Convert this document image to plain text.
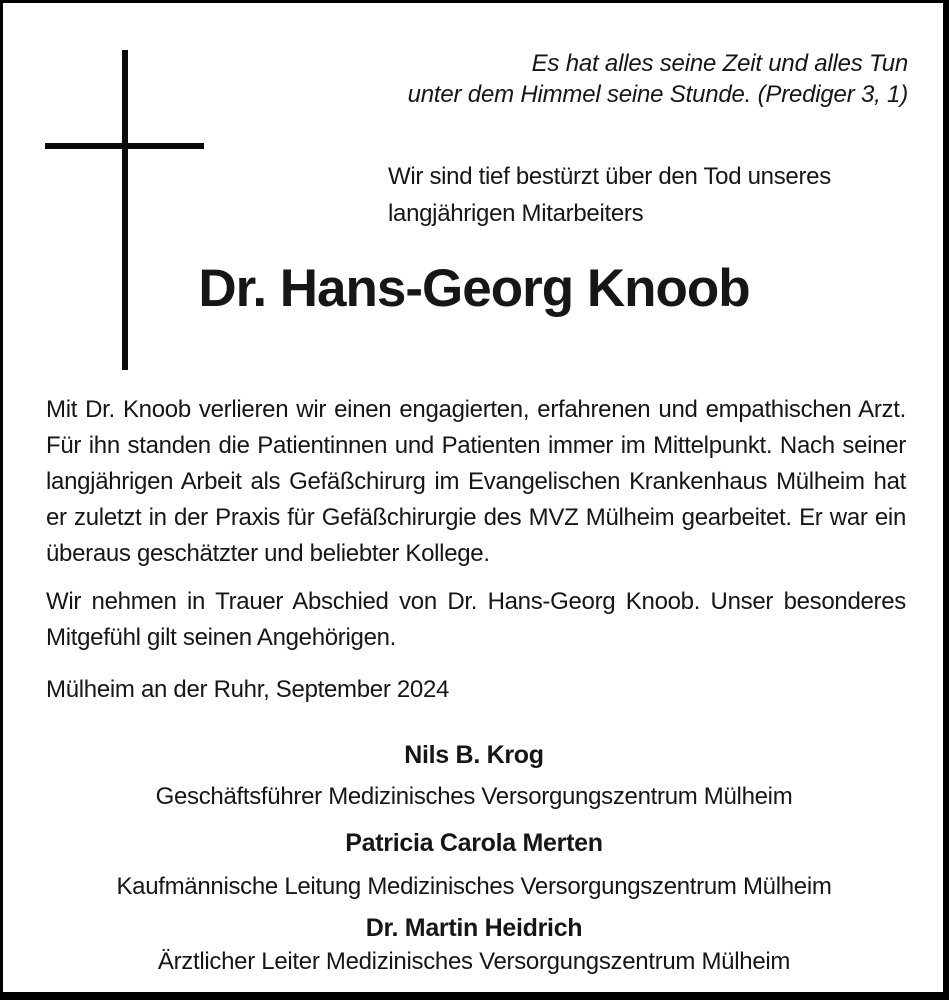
Es hat alles seine Zeit und alles Tun
unter dem Himmel seine Stunde. (Prediger 3, 1)
Wir sind tief bestürzt über den Tod unseres langjährigen Mitarbeiters
Dr. Hans-Georg Knoob
Mit Dr. Knoob verlieren wir einen engagierten, erfahrenen und empathischen Arzt. Für ihn standen die Patientinnen und Patienten immer im Mittelpunkt. Nach seiner langjährigen Arbeit als Gefäßchirurg im Evangelischen Krankenhaus Mülheim hat er zuletzt in der Praxis für Gefäßchirurgie des MVZ Mülheim gearbeitet. Er war ein überaus geschätzter und beliebter Kollege.
Wir nehmen in Trauer Abschied von Dr. Hans-Georg Knoob. Unser besonderes Mitgefühl gilt seinen Angehörigen.
Mülheim an der Ruhr, September 2024
Nils B. Krog
Geschäftsführer Medizinisches Versorgungszentrum Mülheim
Patricia Carola Merten
Kaufmännische Leitung Medizinisches Versorgungszentrum Mülheim
Dr. Martin Heidrich
Ärztlicher Leiter Medizinisches Versorgungszentrum Mülheim
